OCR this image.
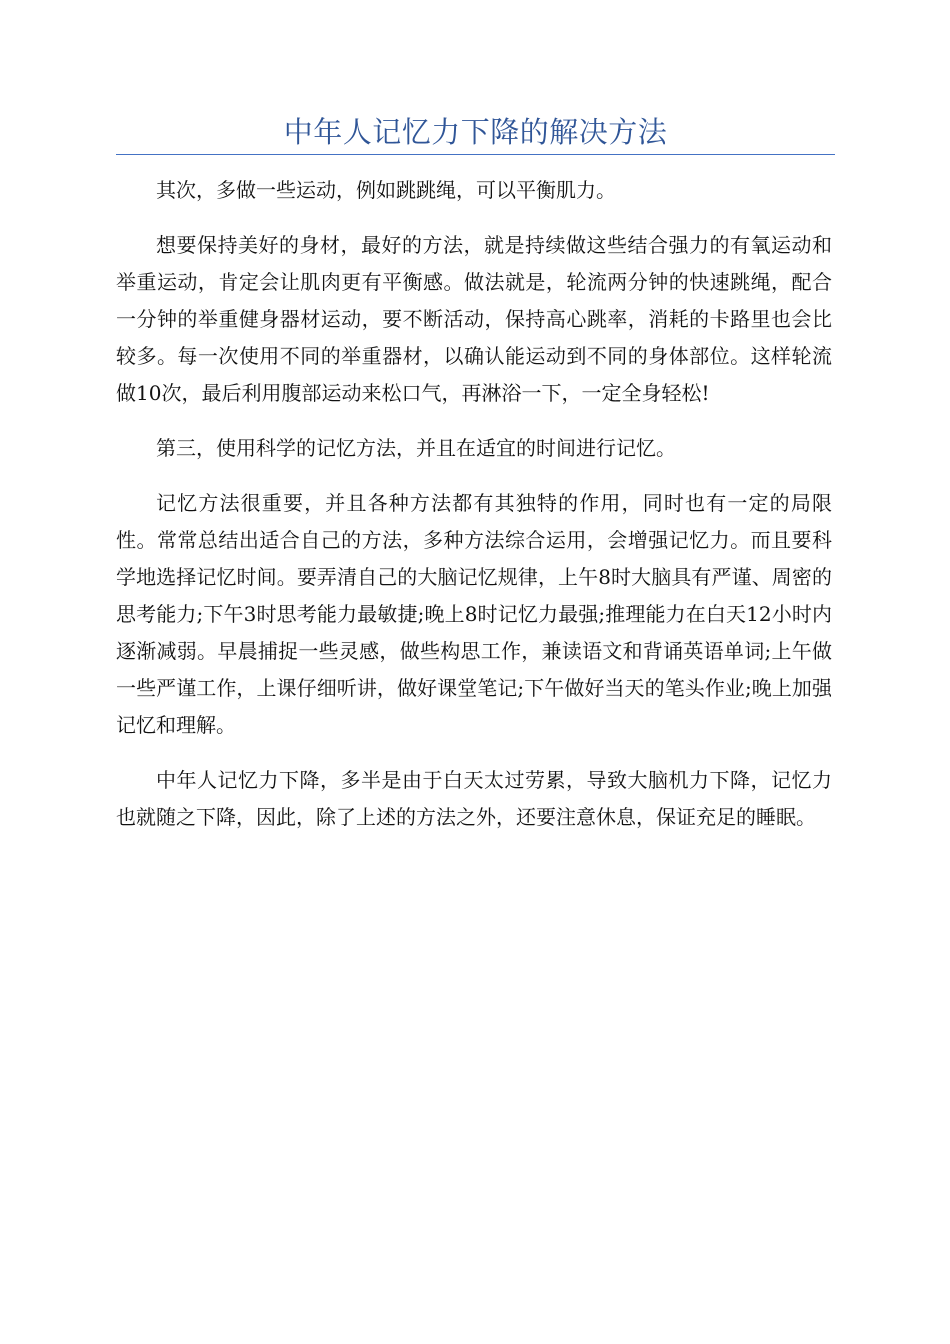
中年人记忆力下降的解决方法

其次，多做一些运动，例如跳跳绳，可以平衡肌力。

想要保持美好的身材，最好的方法，就是持续做这些结合强力的有氧运动和举重运动，肯定会让肌肉更有平衡感。做法就是，轮流两分钟的快速跳绳，配合一分钟的举重健身器材运动，要不断活动，保持高心跳率，消耗的卡路里也会比较多。每一次使用不同的举重器材，以确认能运动到不同的身体部位。这样轮流做10次，最后利用腹部运动来松口气，再淋浴一下，一定全身轻松!

第三，使用科学的记忆方法，并且在适宜的时间进行记忆。

记忆方法很重要，并且各种方法都有其独特的作用，同时也有一定的局限性。常常总结出适合自己的方法，多种方法综合运用，会增强记忆力。而且要科学地选择记忆时间。要弄清自己的大脑记忆规律，上午8时大脑具有严谨、周密的思考能力;下午3时思考能力最敏捷;晚上8时记忆力最强;推理能力在白天12小时内逐渐减弱。早晨捕捉一些灵感，做些构思工作，兼读语文和背诵英语单词;上午做一些严谨工作，上课仔细听讲，做好课堂笔记;下午做好当天的笔头作业;晚上加强记忆和理解。

中年人记忆力下降，多半是由于白天太过劳累，导致大脑机力下降，记忆力也就随之下降，因此，除了上述的方法之外，还要注意休息，保证充足的睡眠。
